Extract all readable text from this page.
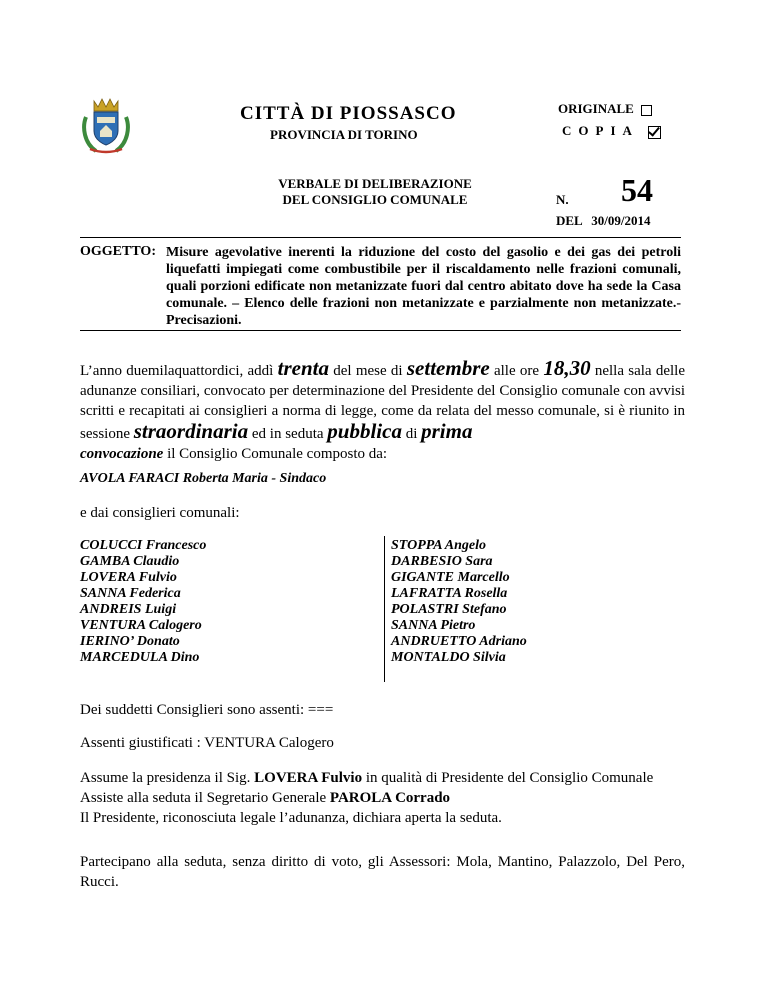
CITTÀ DI PIOSSASCO
PROVINCIA DI TORINO
VERBALE DI DELIBERAZIONE
DEL CONSIGLIO COMUNALE
ORIGINALE
COPIA
N. 54
DEL 30/09/2014
OGGETTO: Misure agevolative inerenti la riduzione del costo del gasolio e dei gas dei petroli liquefatti impiegati come combustibile per il riscaldamento nelle frazioni comunali, quali porzioni edificate non metanizzate fuori dal centro abitato dove ha sede la Casa comunale. – Elenco delle frazioni non metanizzate e parzialmente non metanizzate.- Precisazioni.
L’anno duemilaquattordici, addì trenta del mese di settembre alle ore 18,30 nella sala delle adunanze consiliari, convocato per determinazione del Presidente del Consiglio comunale con avvisi scritti e recapitati ai consiglieri a norma di legge, come da relata del messo comunale, si è riunito in sessione straordinaria ed in seduta pubblica di prima
convocazione il Consiglio Comunale composto da:
AVOLA FARACI Roberta Maria - Sindaco
e dai consiglieri comunali:
COLUCCI Francesco
GAMBA Claudio
LOVERA Fulvio
SANNA Federica
ANDREIS Luigi
VENTURA Calogero
IERINO’ Donato
MARCEDULA Dino
STOPPA Angelo
DARBESIO Sara
GIGANTE Marcello
LAFRATTA Rosella
POLASTRI Stefano
SANNA Pietro
ANDRUETTO Adriano
MONTALDO Silvia
Dei suddetti Consiglieri sono assenti: ===
Assenti giustificati : VENTURA Calogero
Assume la presidenza il Sig. LOVERA Fulvio in qualità di Presidente del Consiglio Comunale
Assiste alla seduta il Segretario Generale PAROLA Corrado
Il Presidente, riconosciuta legale l’adunanza, dichiara aperta la seduta.
Partecipano alla seduta, senza diritto di voto, gli Assessori: Mola, Mantino, Palazzolo, Del Pero, Rucci.
